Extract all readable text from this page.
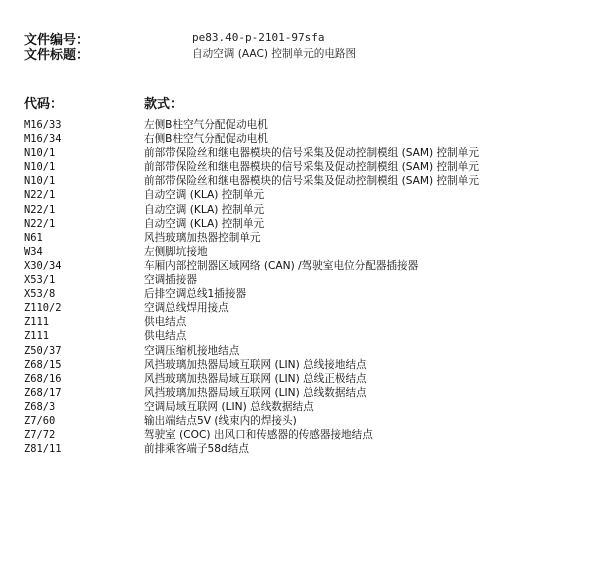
文件编号：	pe83.40-p-2101-97sfa
文件标题：	自动空调 (AAC) 控制单元的电路图
代码：	款式：
M16/33	左侧B柱空气分配促动电机
M16/34	右侧B柱空气分配促动电机
N10/1	前部带保险丝和继电器模块的信号采集及促动控制模组 (SAM) 控制单元
N10/1	前部带保险丝和继电器模块的信号采集及促动控制模组 (SAM) 控制单元
N10/1	前部带保险丝和继电器模块的信号采集及促动控制模组 (SAM) 控制单元
N22/1	自动空调 (KLA) 控制单元
N22/1	自动空调 (KLA) 控制单元
N22/1	自动空调 (KLA) 控制单元
N61	风挡玻璃加热器控制单元
W34	左侧脚坑接地
X30/34	车厢内部控制器区域网络 (CAN) /驾驶室电位分配器插接器
X53/1	空调插接器
X53/8	后排空调总线1插接器
Z110/2	空调总线焊用接点
Z111	供电结点
Z111	供电结点
Z50/37	空调压缩机接地结点
Z68/15	风挡玻璃加热器局域互联网 (LIN) 总线接地结点
Z68/16	风挡玻璃加热器局域互联网 (LIN) 总线正极结点
Z68/17	风挡玻璃加热器局域互联网 (LIN) 总线数据结点
Z68/3	空调局域互联网 (LIN) 总线数据结点
Z7/60	输出端结点5V (线束内的焊接头)
Z7/72	驾驶室 (COC) 出风口和传感器的传感器接地结点
Z81/11	前排乘客端子58d结点
